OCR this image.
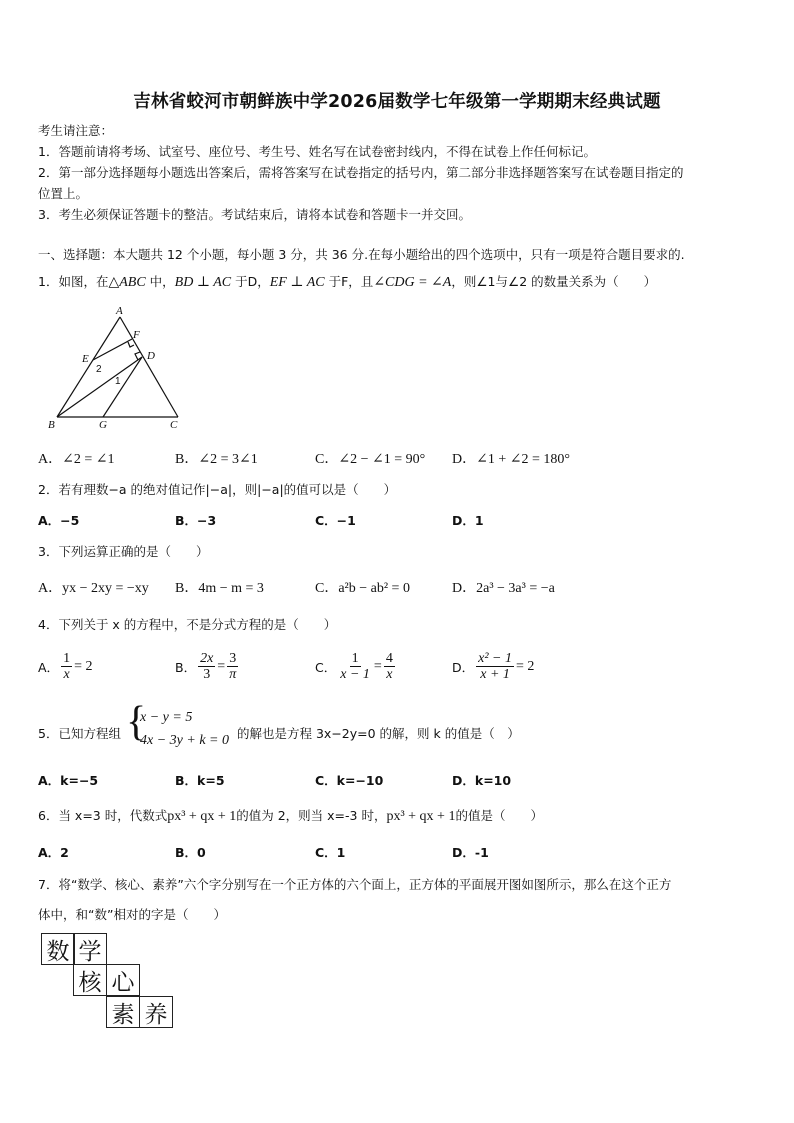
吉林省蛟河市朝鲜族中学2026届数学七年级第一学期期末经典试题
考生请注意：
1．答题前请将考场、试室号、座位号、考生号、姓名写在试卷密封线内，不得在试卷上作任何标记。
2．第一部分选择题每小题选出答案后，需将答案写在试卷指定的括号内，第二部分非选择题答案写在试卷题目指定的
位置上。
3．考生必须保证答题卡的整洁。考试结束后，请将本试卷和答题卡一并交回。
一、选择题：本大题共 12 个小题，每小题 3 分，共 36 分.在每小题给出的四个选项中，只有一项是符合题目要求的.
1．如图，在△ABC 中，BD ⊥ AC 于D，EF ⊥ AC 于F，且∠CDG = ∠A，则∠1与∠2 的数量关系为（　　）
A
B	C
D
E
F
G
1
2
A．∠2 = ∠1	B．∠2 = 3∠1	C．∠2 − ∠1 = 90° D．∠1 + ∠2 = 180°
2．若有理数−a 的绝对值记作|−a|，则|−a|的值可以是（　　）
A．−5	B．−3	C．−1	D．1
3．下列运算正确的是（　　）
A．yx − 2xy = −xy B．4m − m = 3	C．a²b − ab² = 0	D．2a³ − 3a³ = −a
4．下列关于 x 的方程中，不是分式方程的是（　　）
A． $\frac{1}{x} = 2$	B． $\frac{2x}{3} = \frac{3}{\pi}$	C． $\frac{1}{x - 1} = \frac{4}{x}$	D． $\frac{\text{x² − 1}}{x + 1} = 2$
5．已知方程组 {
x − y = 5
4x − 3y + k = 0 的解也是方程 3x−2y=0 的解，则 k 的值是（　）
A．k=−5	B．k=5	C．k=−10	D．k=10
6．当 x=3 时，代数式px³ + qx + 1的值为 2，则当 x=-3 时，px³ + qx + 1的值是（　　）
A．2	B．0	C．1	D．-1
7．将“数学、核心、素养”六个字分别写在一个正方体的六个面上，正方体的平面展开图如图所示，那么在这个正方
体中，和“数”相对的字是（　　）
数 学
核 心
素 养
